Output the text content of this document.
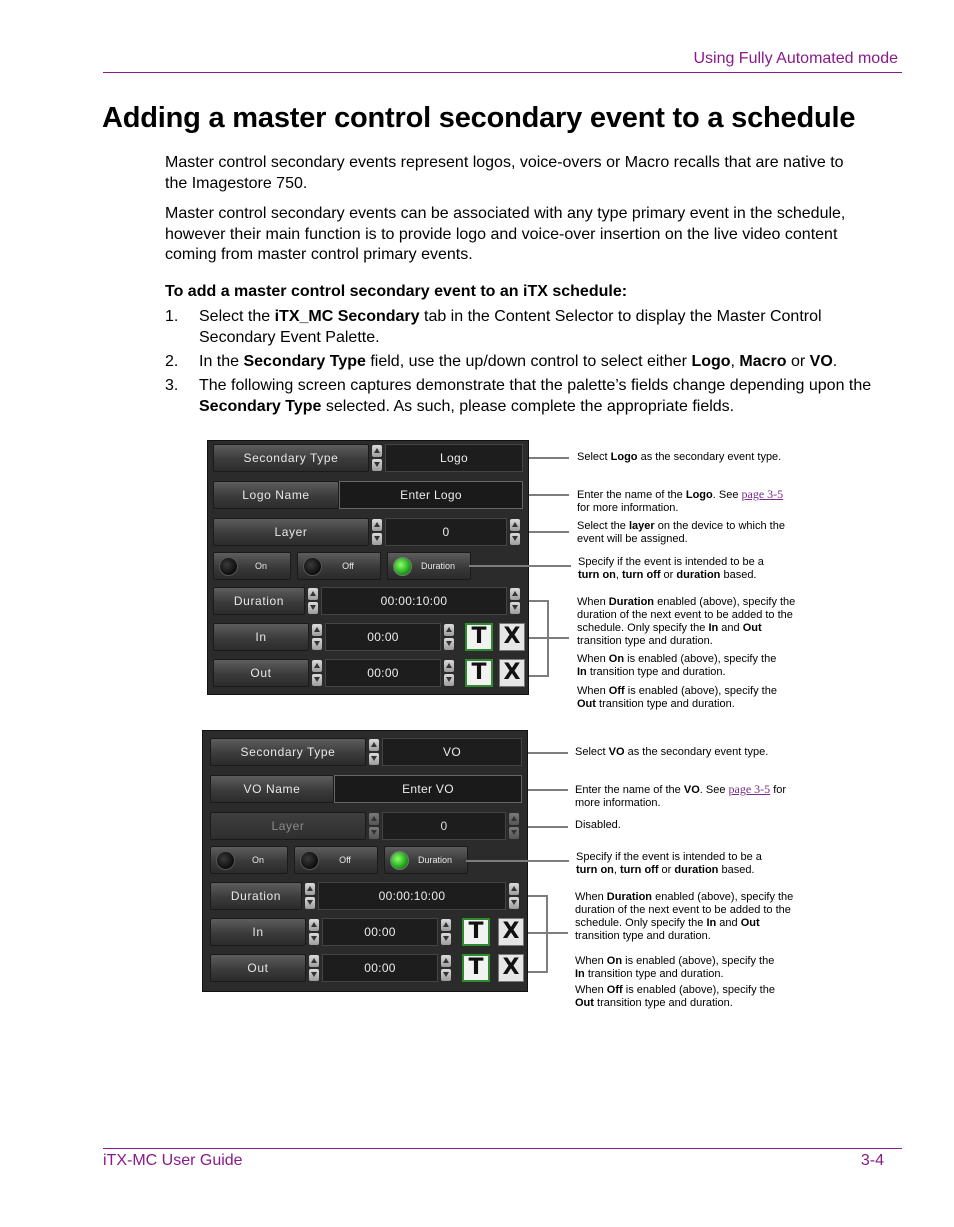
Using Fully Automated mode
Adding a master control secondary event to a schedule

Master control secondary events represent logos, voice-overs or Macro recalls that are native to the Imagestore 750.

Master control secondary events can be associated with any type primary event in the schedule, however their main function is to provide logo and voice-over insertion on the live video content coming from master control primary events.

To add a master control secondary event to an iTX schedule:
1. Select the iTX_MC Secondary tab in the Content Selector to display the Master Control Secondary Event Palette.
2. In the Secondary Type field, use the up/down control to select either Logo, Macro or VO.
3. The following screen captures demonstrate that the palette’s fields change depending upon the Secondary Type selected. As such, please complete the appropriate fields.
Secondary Type	Logo
Logo Name	Enter Logo
Layer	0
On	Off	Duration
Duration	00:00:10:00
In	00:00	T X
Out	00:00	T X
Select Logo as the secondary event type.
Enter the name of the Logo. See page 3-5 for more information.
Select the layer on the device to which the event will be assigned.
Specify if the event is intended to be a turn on, turn off or duration based.
When Duration enabled (above), specify the duration of the next event to be added to the schedule. Only specify the In and Out transition type and duration.
When On is enabled (above), specify the In transition type and duration.
When Off is enabled (above), specify the Out transition type and duration.
Secondary Type	VO
VO Name	Enter VO
Layer	0
On	Off	Duration
Duration	00:00:10:00
In	00:00	T X
Out	00:00	T X
Select VO as the secondary event type.
Enter the name of the VO. See page 3-5 for more information.
Disabled.
Specify if the event is intended to be a turn on, turn off or duration based.
When Duration enabled (above), specify the duration of the next event to be added to the schedule. Only specify the In and Out transition type and duration.
When On is enabled (above), specify the In transition type and duration.
When Off is enabled (above), specify the Out transition type and duration.
iTX-MC User Guide	3-4
